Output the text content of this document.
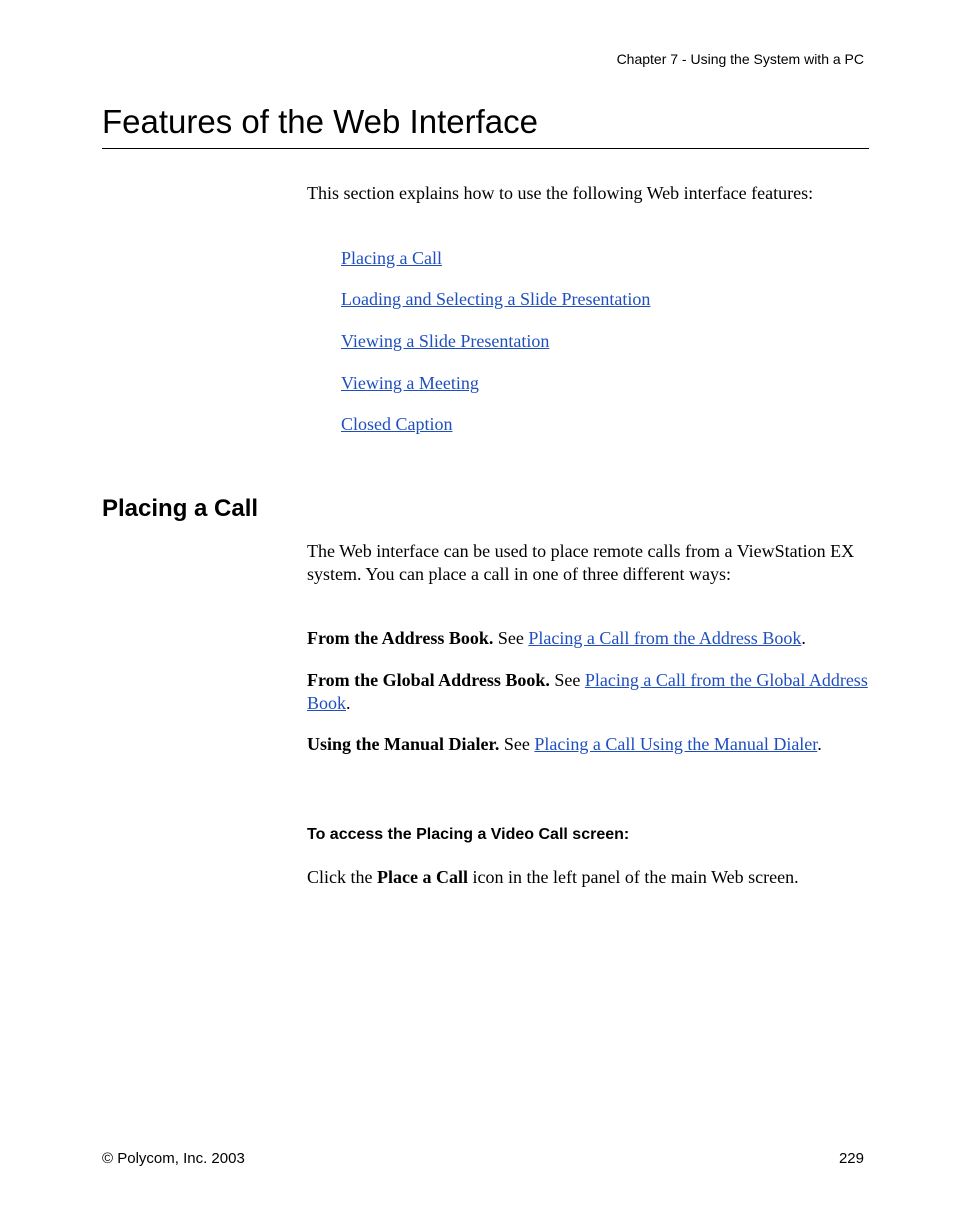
Chapter 7 - Using the System with a PC
Features of the Web Interface

This section explains how to use the following Web interface features:

Placing a Call
Loading and Selecting a Slide Presentation
Viewing a Slide Presentation
Viewing a Meeting
Closed Caption
Placing a Call

The Web interface can be used to place remote calls from a ViewStation EX system. You can place a call in one of three different ways:

From the Address Book. See Placing a Call from the Address Book.

From the Global Address Book. See Placing a Call from the Global Address Book.

Using the Manual Dialer. See Placing a Call Using the Manual Dialer.

To access the Placing a Video Call screen:

Click the Place a Call icon in the left panel of the main Web screen.

© Polycom, Inc. 2003	229
